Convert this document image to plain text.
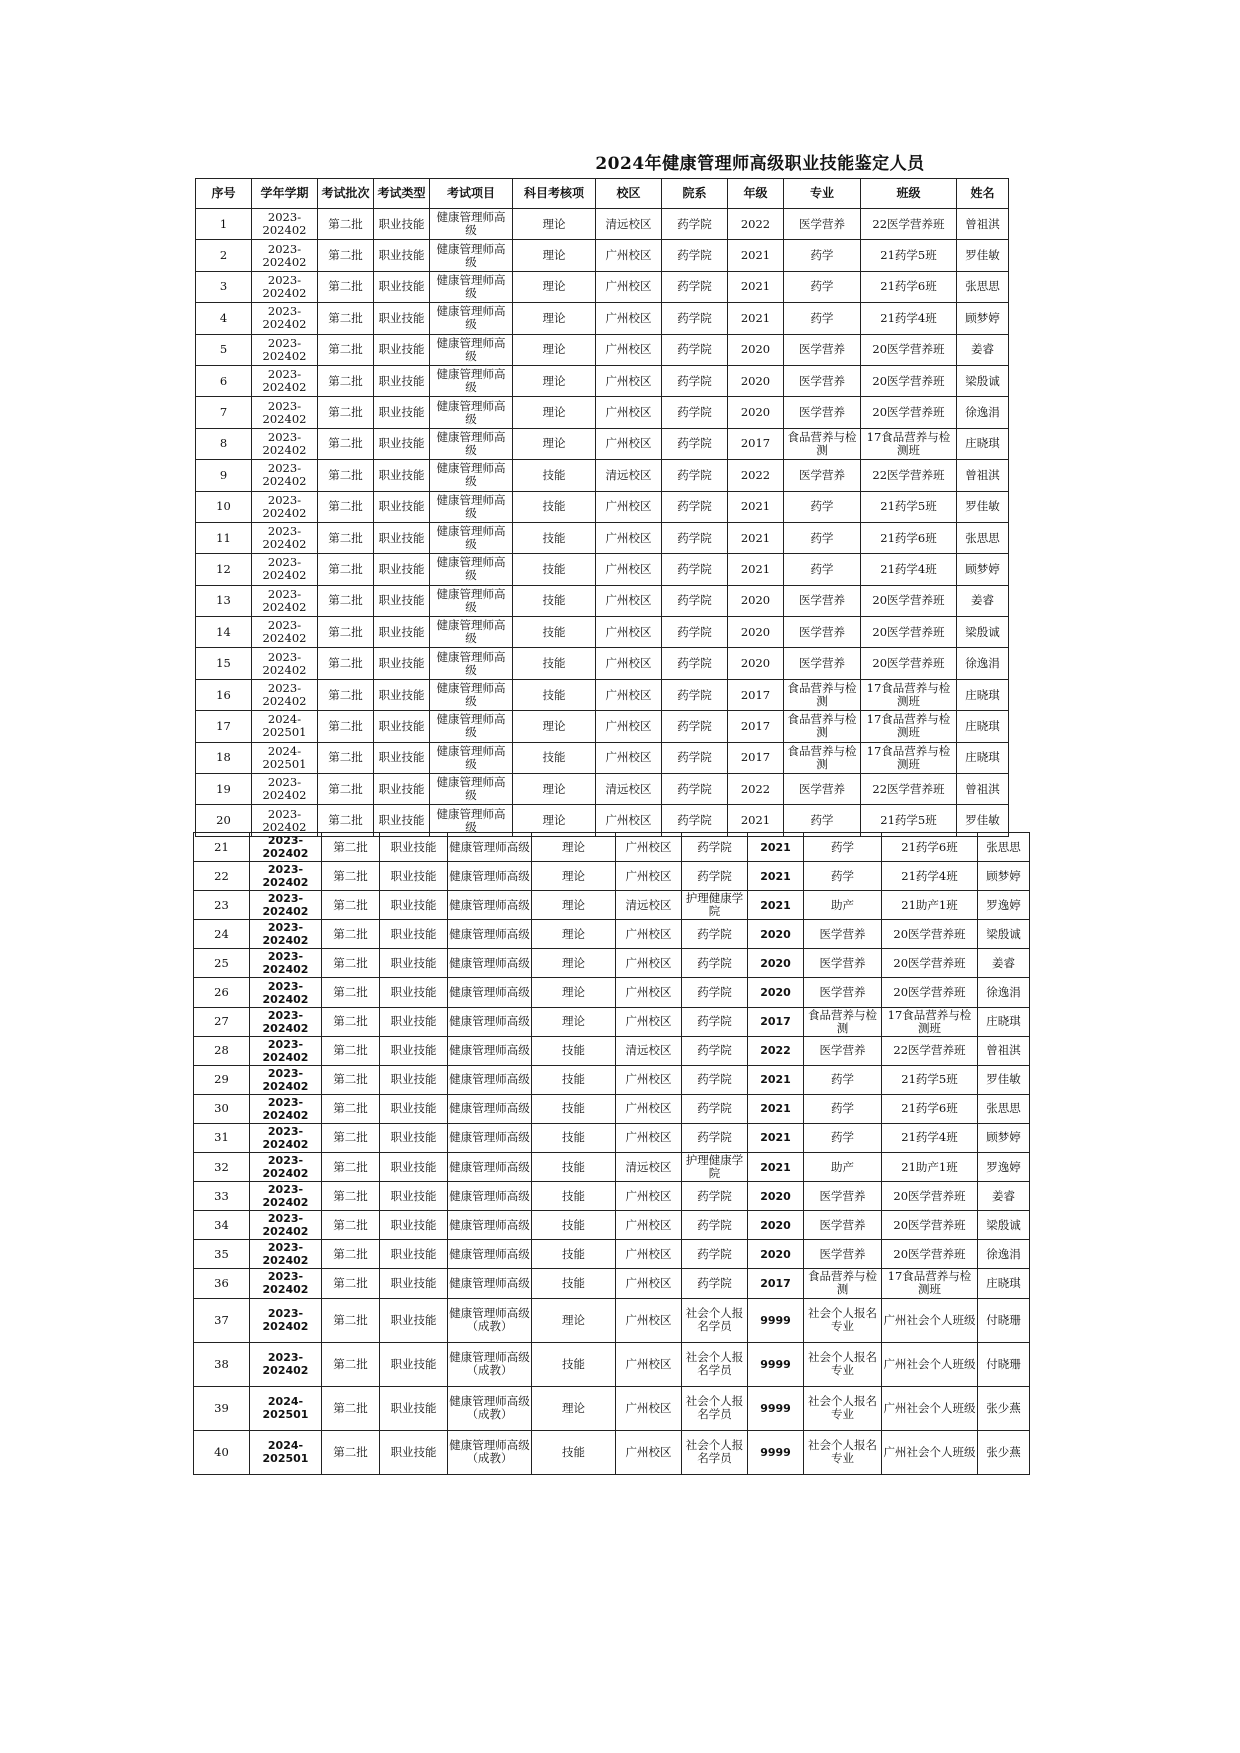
2024年健康管理师高级职业技能鉴定人员
序号	学年学期	考试批次	考试类型	考试项目	科目考核项	校区	院系	年级	专业	班级	姓名
1	2023-202402	第二批	职业技能	健康管理师高级	理论	清远校区	药学院	2022	医学营养	22医学营养班	曾祖淇
2	2023-202402	第二批	职业技能	健康管理师高级	理论	广州校区	药学院	2021	药学	21药学5班	罗佳敏
3	2023-202402	第二批	职业技能	健康管理师高级	理论	广州校区	药学院	2021	药学	21药学6班	张思思
4	2023-202402	第二批	职业技能	健康管理师高级	理论	广州校区	药学院	2021	药学	21药学4班	顾梦婷
5	2023-202402	第二批	职业技能	健康管理师高级	理论	广州校区	药学院	2020	医学营养	20医学营养班	姜睿
6	2023-202402	第二批	职业技能	健康管理师高级	理论	广州校区	药学院	2020	医学营养	20医学营养班	梁殷诚
7	2023-202402	第二批	职业技能	健康管理师高级	理论	广州校区	药学院	2020	医学营养	20医学营养班	徐逸涓
8	2023-202402	第二批	职业技能	健康管理师高级	理论	广州校区	药学院	2017	食品营养与检测	17食品营养与检测班	庄晓琪
9	2023-202402	第二批	职业技能	健康管理师高级	技能	清远校区	药学院	2022	医学营养	22医学营养班	曾祖淇
10	2023-202402	第二批	职业技能	健康管理师高级	技能	广州校区	药学院	2021	药学	21药学5班	罗佳敏
11	2023-202402	第二批	职业技能	健康管理师高级	技能	广州校区	药学院	2021	药学	21药学6班	张思思
12	2023-202402	第二批	职业技能	健康管理师高级	技能	广州校区	药学院	2021	药学	21药学4班	顾梦婷
13	2023-202402	第二批	职业技能	健康管理师高级	技能	广州校区	药学院	2020	医学营养	20医学营养班	姜睿
14	2023-202402	第二批	职业技能	健康管理师高级	技能	广州校区	药学院	2020	医学营养	20医学营养班	梁殷诚
15	2023-202402	第二批	职业技能	健康管理师高级	技能	广州校区	药学院	2020	医学营养	20医学营养班	徐逸涓
16	2023-202402	第二批	职业技能	健康管理师高级	技能	广州校区	药学院	2017	食品营养与检测	17食品营养与检测班	庄晓琪
17	2024-202501	第二批	职业技能	健康管理师高级	理论	广州校区	药学院	2017	食品营养与检测	17食品营养与检测班	庄晓琪
18	2024-202501	第二批	职业技能	健康管理师高级	技能	广州校区	药学院	2017	食品营养与检测	17食品营养与检测班	庄晓琪
19	2023-202402	第二批	职业技能	健康管理师高级	理论	清远校区	药学院	2022	医学营养	22医学营养班	曾祖淇
20	2023-202402	第二批	职业技能	健康管理师高级	理论	广州校区	药学院	2021	药学	21药学5班	罗佳敏
21	2023-202402	第二批	职业技能	健康管理师高级	理论	广州校区	药学院	2021	药学	21药学6班	张思思
22	2023-202402	第二批	职业技能	健康管理师高级	理论	广州校区	药学院	2021	药学	21药学4班	顾梦婷
23	2023-202402	第二批	职业技能	健康管理师高级	理论	清远校区	护理健康学院	2021	助产	21助产1班	罗逸婷
24	2023-202402	第二批	职业技能	健康管理师高级	理论	广州校区	药学院	2020	医学营养	20医学营养班	梁殷诚
25	2023-202402	第二批	职业技能	健康管理师高级	理论	广州校区	药学院	2020	医学营养	20医学营养班	姜睿
26	2023-202402	第二批	职业技能	健康管理师高级	理论	广州校区	药学院	2020	医学营养	20医学营养班	徐逸涓
27	2023-202402	第二批	职业技能	健康管理师高级	理论	广州校区	药学院	2017	食品营养与检测	17食品营养与检测班	庄晓琪
28	2023-202402	第二批	职业技能	健康管理师高级	技能	清远校区	药学院	2022	医学营养	22医学营养班	曾祖淇
29	2023-202402	第二批	职业技能	健康管理师高级	技能	广州校区	药学院	2021	药学	21药学5班	罗佳敏
30	2023-202402	第二批	职业技能	健康管理师高级	技能	广州校区	药学院	2021	药学	21药学6班	张思思
31	2023-202402	第二批	职业技能	健康管理师高级	技能	广州校区	药学院	2021	药学	21药学4班	顾梦婷
32	2023-202402	第二批	职业技能	健康管理师高级	技能	清远校区	护理健康学院	2021	助产	21助产1班	罗逸婷
33	2023-202402	第二批	职业技能	健康管理师高级	技能	广州校区	药学院	2020	医学营养	20医学营养班	姜睿
34	2023-202402	第二批	职业技能	健康管理师高级	技能	广州校区	药学院	2020	医学营养	20医学营养班	梁殷诚
35	2023-202402	第二批	职业技能	健康管理师高级	技能	广州校区	药学院	2020	医学营养	20医学营养班	徐逸涓
36	2023-202402	第二批	职业技能	健康管理师高级	技能	广州校区	药学院	2017	食品营养与检测	17食品营养与检测班	庄晓琪
37	2023-202402	第二批	职业技能	健康管理师高级（成教）	理论	广州校区	社会个人报名学员	9999	社会个人报名专业	广州社会个人班级	付晓珊
38	2023-202402	第二批	职业技能	健康管理师高级（成教）	技能	广州校区	社会个人报名学员	9999	社会个人报名专业	广州社会个人班级	付晓珊
39	2024-202501	第二批	职业技能	健康管理师高级（成教）	理论	广州校区	社会个人报名学员	9999	社会个人报名专业	广州社会个人班级	张少燕
40	2024-202501	第二批	职业技能	健康管理师高级（成教）	技能	广州校区	社会个人报名学员	9999	社会个人报名专业	广州社会个人班级	张少燕
